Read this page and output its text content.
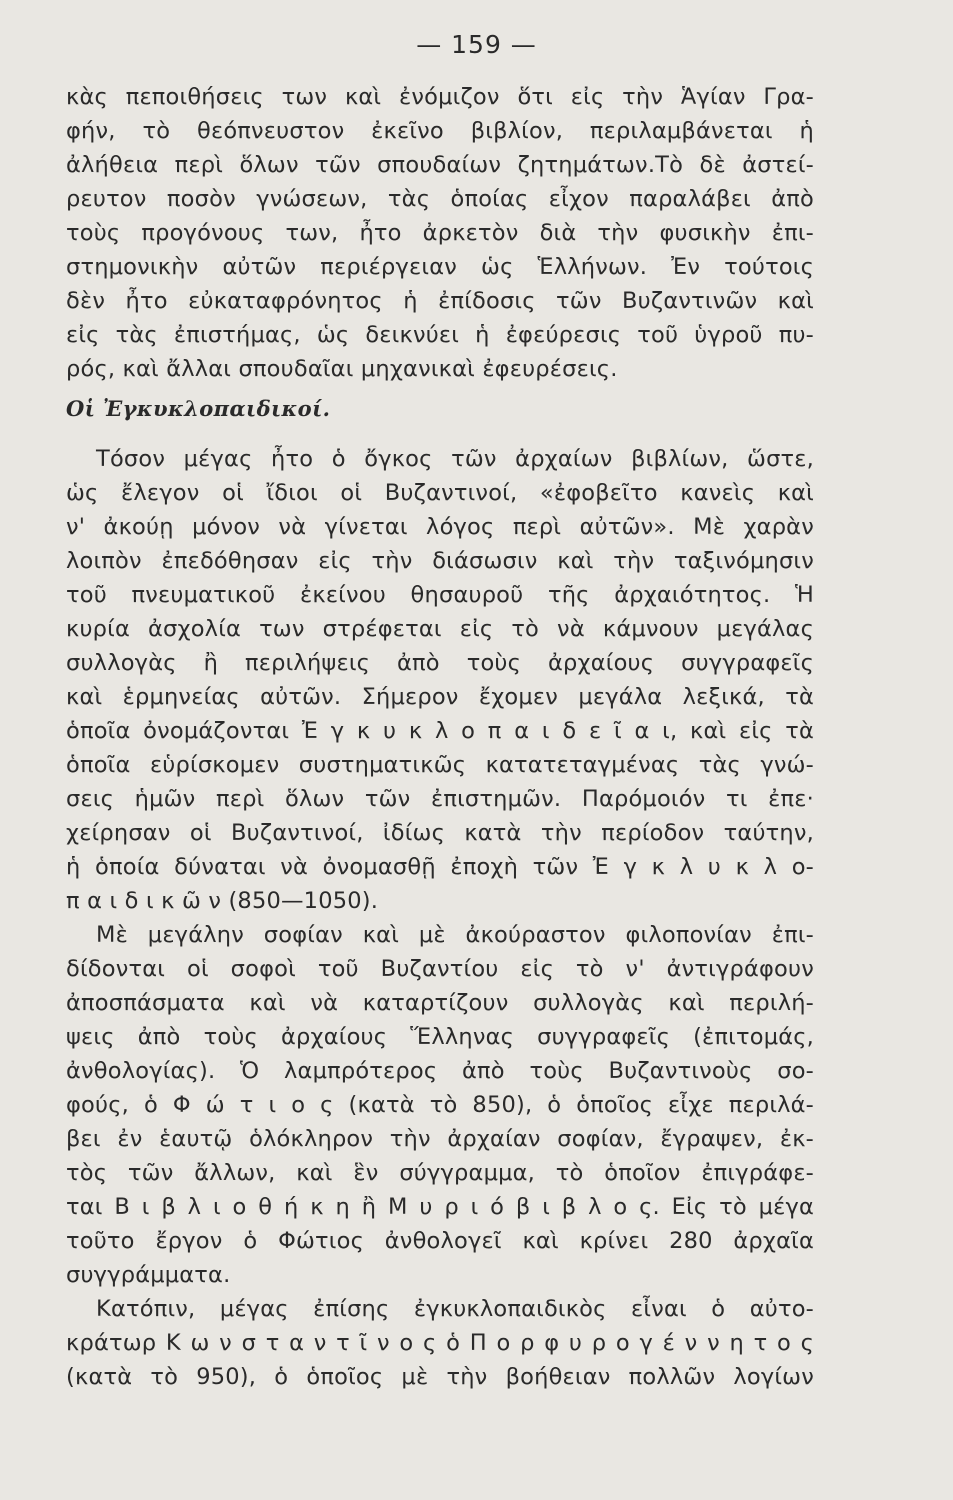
— 159 —
κὰς πεποιθήσεις των καὶ ἐνόμιζον ὅτι εἰς τὴν Ἁγίαν Γρα-
φήν, τὸ θεόπνευστον ἐκεῖνο βιβλίον, περιλαμβάνεται ἡ
ἀλήθεια περὶ ὅλων τῶν σπουδαίων ζητημάτων.Τὸ δὲ ἀστεί-
ρευτον ποσὸν γνώσεων, τὰς ὁποίας εἶχον παραλάβει ἀπὸ
τοὺς προγόνους των, ἦτο ἀρκετὸν διὰ τὴν φυσικὴν ἐπι-
στημονικὴν αὐτῶν περιέργειαν ὡς Ἑλλήνων. Ἐν τούτοις
δὲν ἦτο εὐκαταφρόνητος ἡ ἐπίδοσις τῶν Βυζαντινῶν καὶ
εἰς τὰς ἐπιστήμας, ὡς δεικνύει ἡ ἐφεύρεσις τοῦ ὑγροῦ πυ-
ρός, καὶ ἄλλαι σπουδαῖαι μηχανικαὶ ἐφευρέσεις.
Οἱ Ἐγκυκλοπαιδικοί.
Τόσον μέγας ἦτο ὁ ὄγκος τῶν ἀρχαίων βιβλίων, ὥστε,
ὡς ἔλεγον οἱ ἴδιοι οἱ Βυζαντινοί, «ἐφοβεῖτο κανεὶς καὶ
ν' ἀκούῃ μόνον νὰ γίνεται λόγος περὶ αὐτῶν». Μὲ χαρὰν
λοιπὸν ἐπεδόθησαν εἰς τὴν διάσωσιν καὶ τὴν ταξινόμησιν
τοῦ πνευματικοῦ ἐκείνου θησαυροῦ τῆς ἀρχαιότητος. Ἡ
κυρία ἀσχολία των στρέφεται εἰς τὸ νὰ κάμνουν μεγάλας
συλλογὰς ἢ περιλήψεις ἀπὸ τοὺς ἀρχαίους συγγραφεῖς
καὶ ἑρμηνείας αὐτῶν. Σήμερον ἔχομεν μεγάλα λεξικά, τὰ
ὁποῖα ὀνομάζονται Ἐ γ κ υ κ λ ο π α ι δ ε ῖ α ι, καὶ εἰς τὰ
ὁποῖα εὑρίσκομεν συστηματικῶς κατατεταγμένας τὰς γνώ-
σεις ἡμῶν περὶ ὅλων τῶν ἐπιστημῶν. Παρόμοιόν τι ἐπε·
χείρησαν οἱ Βυζαντινοί, ἰδίως κατὰ τὴν περίοδον ταύτην,
ἡ ὁποία δύναται νὰ ὀνομασθῇ ἐποχὴ τῶν Ἐ γ κ λ υ κ λ ο-
π α ι δ ι κ ῶ ν (850—1050).
Μὲ μεγάλην σοφίαν καὶ μὲ ἀκούραστον φιλοπονίαν ἐπι-
δίδονται οἱ σοφοὶ τοῦ Βυζαντίου εἰς τὸ ν' ἀντιγράφουν
ἀποσπάσματα καὶ νὰ καταρτίζουν συλλογὰς καὶ περιλή-
ψεις ἀπὸ τοὺς ἀρχαίους Ἕλληνας συγγραφεῖς (ἐπιτομάς,
ἀνθολογίας). Ὁ λαμπρότερος ἀπὸ τοὺς Βυζαντινοὺς σο-
φούς, ὁ Φ ώ τ ι ο ς (κατὰ τὸ 850), ὁ ὁποῖος εἶχε περιλά-
βει ἐν ἑαυτῷ ὁλόκληρον τὴν ἀρχαίαν σοφίαν, ἔγραψεν, ἐκ-
τὸς τῶν ἄλλων, καὶ ἓν σύγγραμμα, τὸ ὁποῖον ἐπιγράφε-
ται Β ι β λ ι ο θ ή κ η ἢ Μ υ ρ ι ό β ι β λ ο ς. Εἰς τὸ μέγα
τοῦτο ἔργον ὁ Φώτιος ἀνθολογεῖ καὶ κρίνει 280 ἀρχαῖα
συγγράμματα.
Κατόπιν, μέγας ἐπίσης ἐγκυκλοπαιδικὸς εἶναι ὁ αὐτο-
κράτωρ Κ ω ν σ τ α ν τ ῖ ν ο ς ὁ Π ο ρ φ υ ρ ο γ έ ν ν η τ ο ς
(κατὰ τὸ 950), ὁ ὁποῖος μὲ τὴν βοήθειαν πολλῶν λογίων
